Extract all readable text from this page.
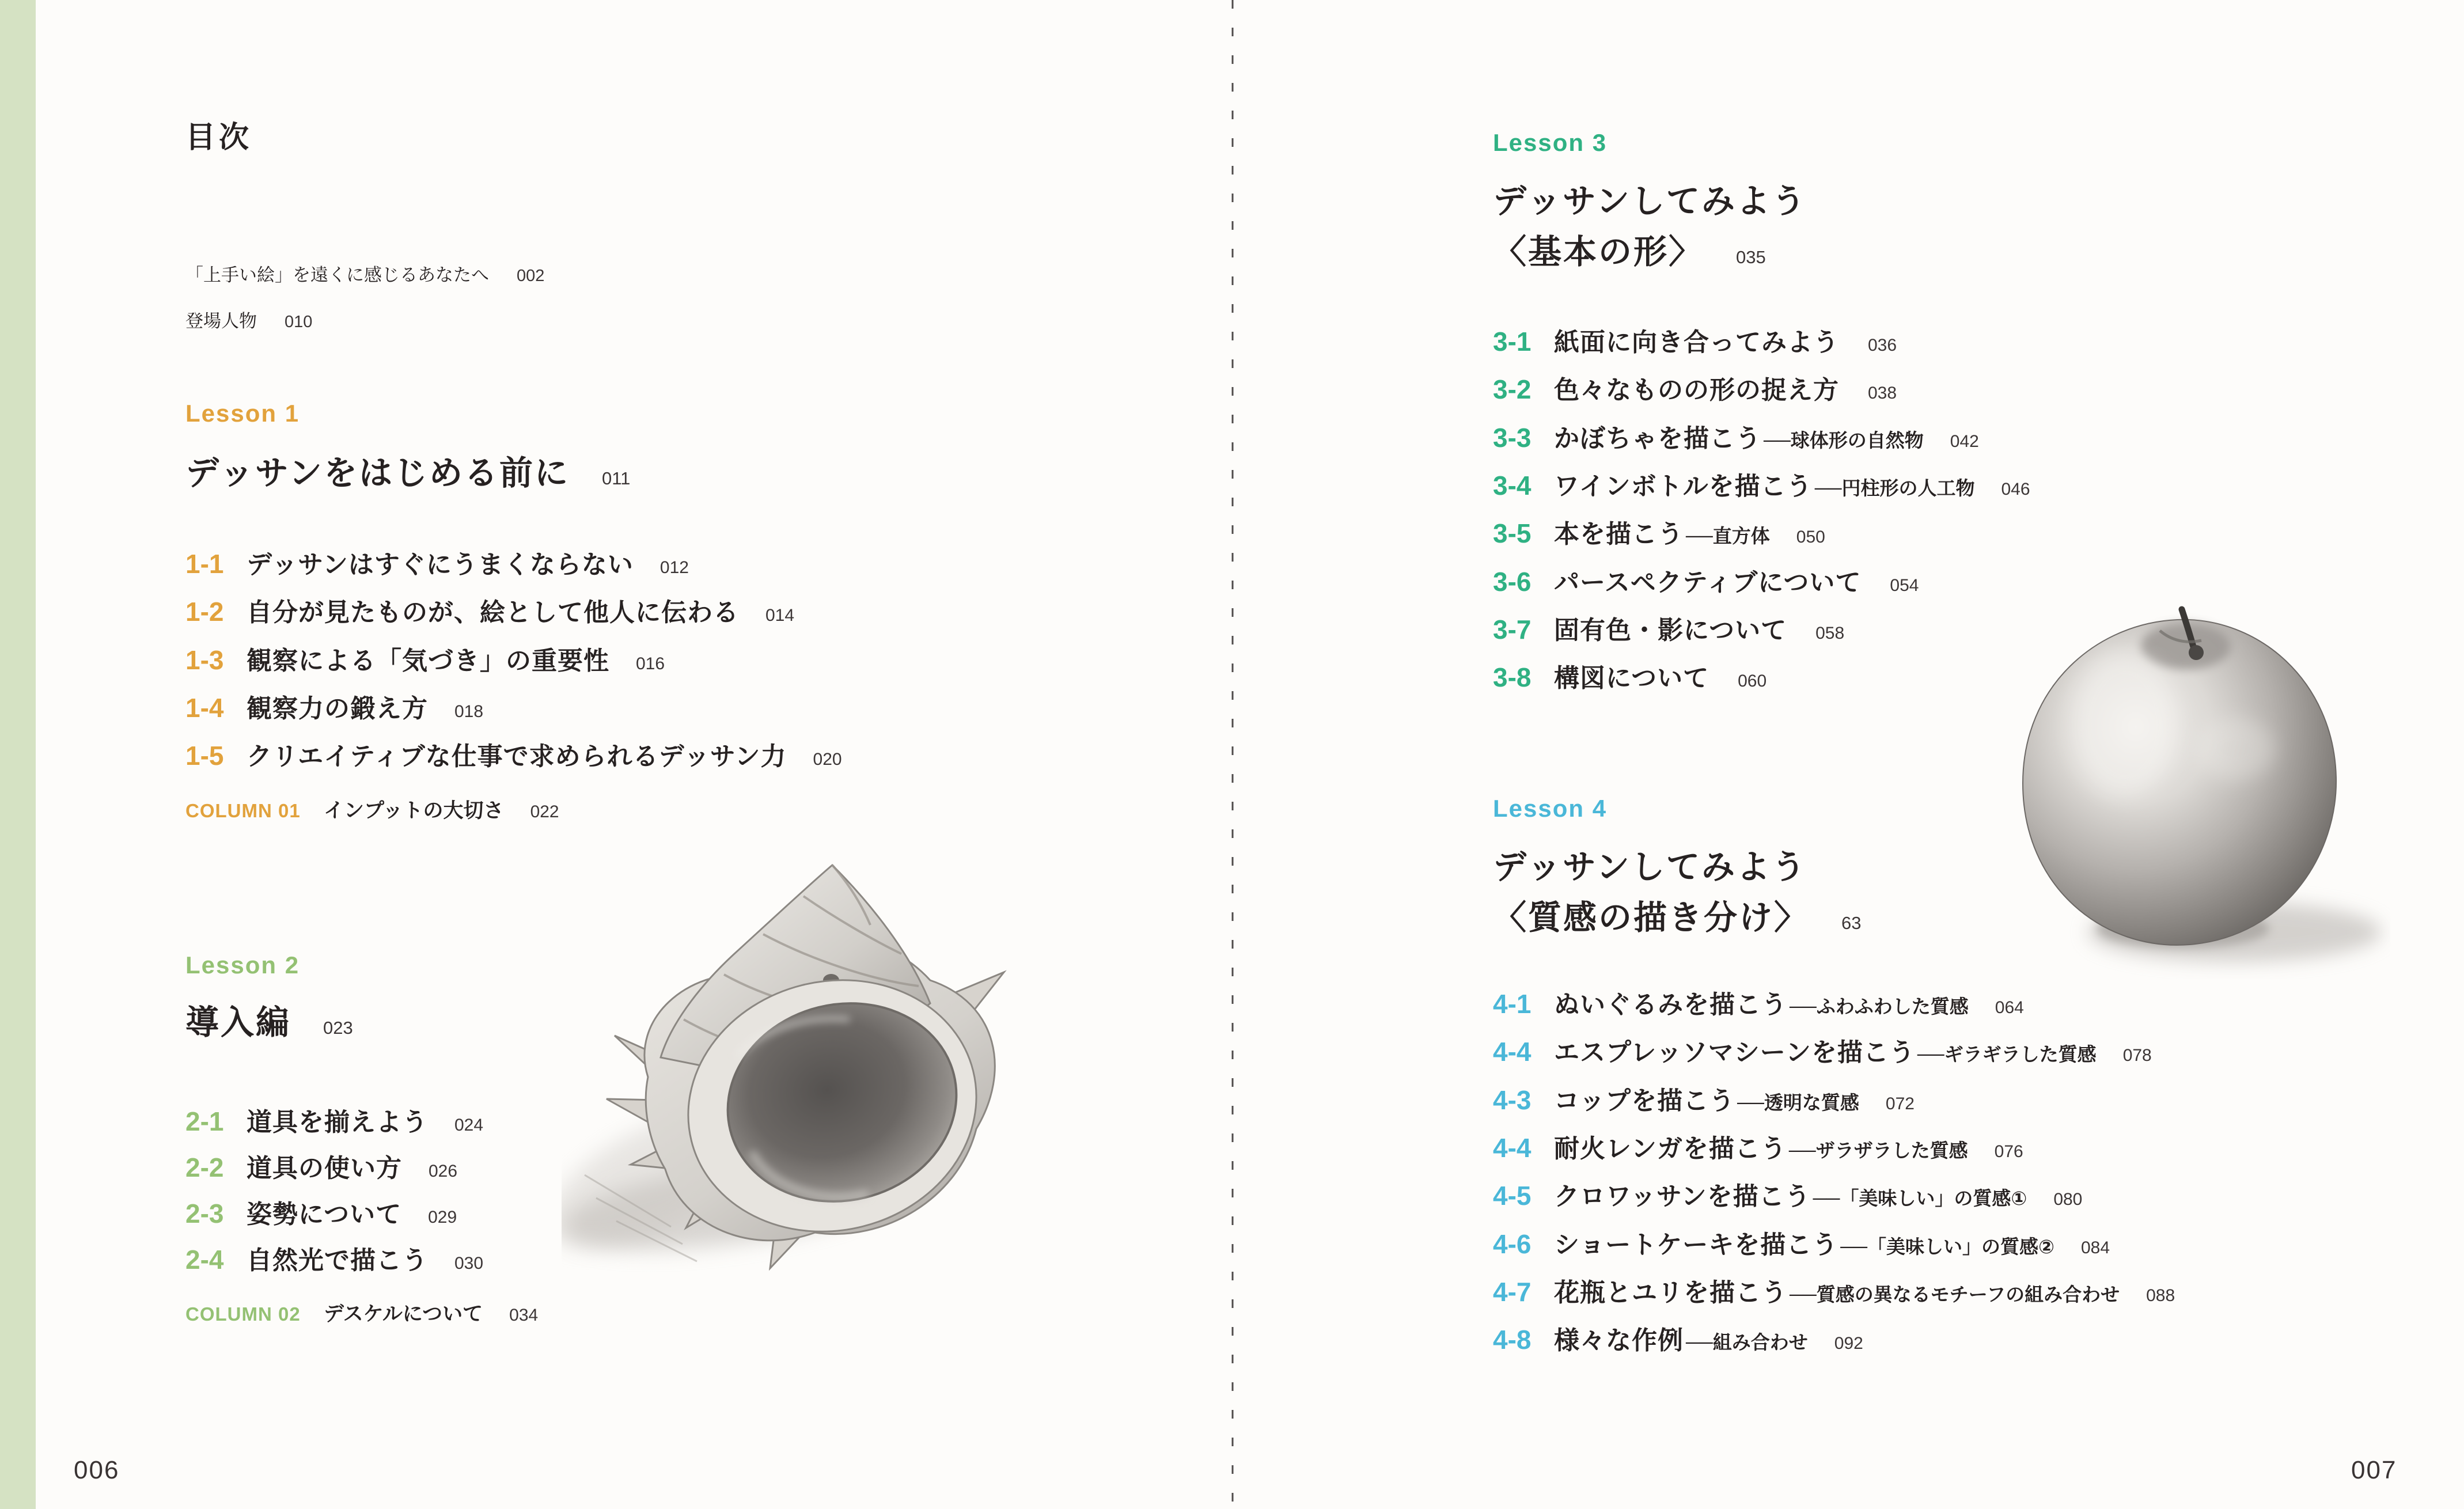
目次
「上手い絵」を遠くに感じるあなたへ 002
登場人物 010
Lesson 1
デッサンをはじめる前に 011
1-1 デッサンはすぐにうまくならない 012
1-2 自分が見たものが、絵として他人に伝わる 014
1-3 観察による「気づき」の重要性 016
1-4 観察力の鍛え方 018
1-5 クリエイティブな仕事で求められるデッサン力 020
COLUMN 01	インプットの大切さ 022
Lesson 2
導入編 023
2-1 道具を揃えよう 024
2-2 道具の使い方 026
2-3 姿勢について 029
2-4 自然光で描こう 030
COLUMN 02	デスケルについて 034
006
Lesson 3
デッサンしてみよう
〈基本の形〉 035
3-1 紙面に向き合ってみよう 036
3-2 色々なものの形の捉え方 038
3-3 かぼちゃを描こう ──球体形の自然物 042
3-4 ワインボトルを描こう ──円柱形の人工物 046
3-5 本を描こう ──直方体 050
3-6 パースペクティブについて 054
3-7 固有色・影について 058
3-8 構図について 060
Lesson 4
デッサンしてみよう
〈質感の描き分け〉 63
4-1 ぬいぐるみを描こう ──ふわふわした質感 064
4-4 エスプレッソマシーンを描こう ──ギラギラした質感 078
4-3 コップを描こう ──透明な質感 072
4-4 耐火レンガを描こう ──ザラザラした質感 076
4-5 クロワッサンを描こう ──「美味しい」の質感① 080
4-6 ショートケーキを描こう ──「美味しい」の質感② 084
4-7 花瓶とユリを描こう ──質感の異なるモチーフの組み合わせ 088
4-8 様々な作例 ──組み合わせ 092
007
